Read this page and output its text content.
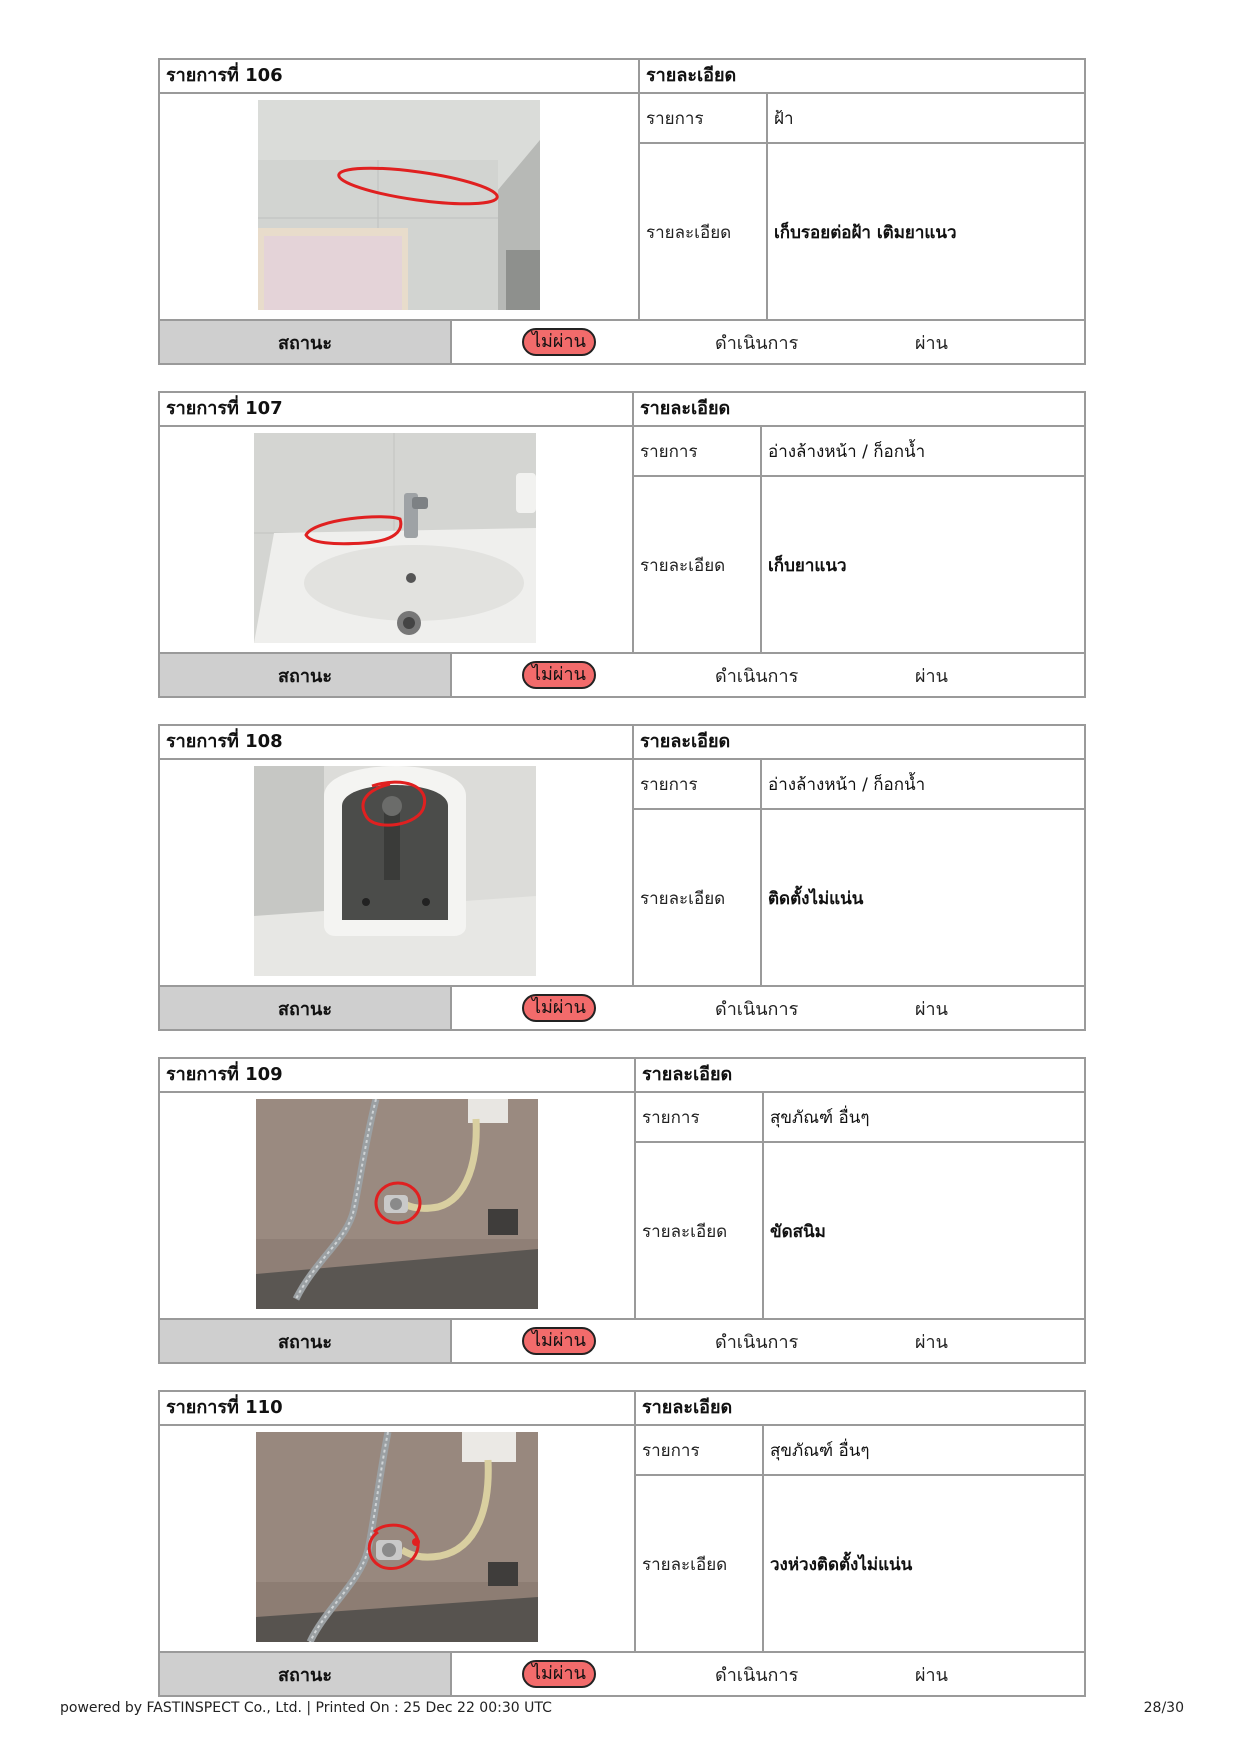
รายการที่ 106	รายละเอียด
รายการ	ฝ้า
รายละเอียด	เก็บรอยต่อฝ้า เติมยาแนว
สถานะ	ไม่ผ่าน	ดำเนินการ	ผ่าน
รายการที่ 107	รายละเอียด
รายการ	อ่างล้างหน้า / ก็อกน้ำ
รายละเอียด	เก็บยาแนว
สถานะ	ไม่ผ่าน	ดำเนินการ	ผ่าน
รายการที่ 108	รายละเอียด
รายการ	อ่างล้างหน้า / ก็อกน้ำ
รายละเอียด	ติดตั้งไม่แน่น
สถานะ	ไม่ผ่าน	ดำเนินการ	ผ่าน
รายการที่ 109	รายละเอียด
รายการ	สุขภัณฑ์ อื่นๆ
รายละเอียด	ขัดสนิม
สถานะ	ไม่ผ่าน	ดำเนินการ	ผ่าน
รายการที่ 110	รายละเอียด
รายการ	สุขภัณฑ์ อื่นๆ
รายละเอียด	วงห่วงติดตั้งไม่แน่น
สถานะ	ไม่ผ่าน	ดำเนินการ	ผ่าน
powered by FASTINSPECT Co., Ltd. | Printed On : 25 Dec 22 00:30 UTC	28/30
